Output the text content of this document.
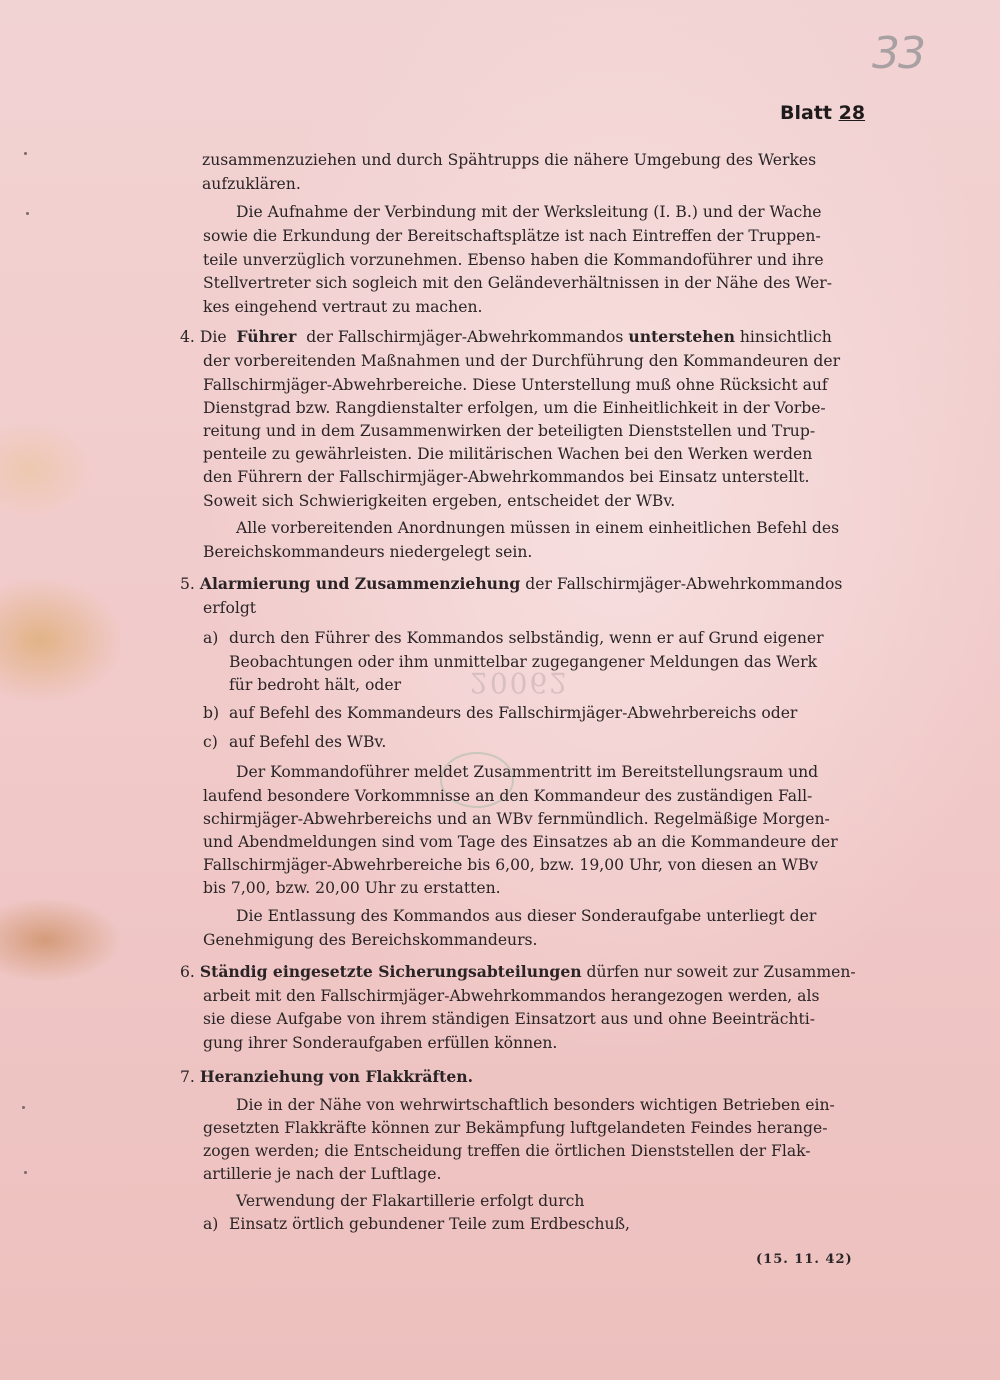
33
Blatt 28
20062
zusammenzuziehen und durch Spähtrupps die nähere Umgebung des Werkes
aufzuklären.
Die Aufnahme der Verbindung mit der Werksleitung (I. B.) und der Wache
sowie die Erkundung der Bereitschaftsplätze ist nach Eintreffen der Truppen-
teile unverzüglich vorzunehmen. Ebenso haben die Kommandoführer und ihre
Stellvertreter sich sogleich mit den Geländeverhältnissen in der Nähe des Wer-
kes eingehend vertraut zu machen.
4. Die Führer der Fallschirmjäger-Abwehrkommandos unterstehen hinsichtlich
der vorbereitenden Maßnahmen und der Durchführung den Kommandeuren der
Fallschirmjäger-Abwehrbereiche. Diese Unterstellung muß ohne Rücksicht auf
Dienstgrad bzw. Rangdienstalter erfolgen, um die Einheitlichkeit in der Vorbe-
reitung und in dem Zusammenwirken der beteiligten Dienststellen und Trup-
penteile zu gewährleisten. Die militärischen Wachen bei den Werken werden
den Führern der Fallschirmjäger-Abwehrkommandos bei Einsatz unterstellt.
Soweit sich Schwierigkeiten ergeben, entscheidet der WBv.
Alle vorbereitenden Anordnungen müssen in einem einheitlichen Befehl des
Bereichskommandeurs niedergelegt sein.
5. Alarmierung und Zusammenziehung der Fallschirmjäger-Abwehrkommandos
erfolgt
a) durch den Führer des Kommandos selbständig, wenn er auf Grund eigener
Beobachtungen oder ihm unmittelbar zugegangener Meldungen das Werk
für bedroht hält, oder
b) auf Befehl des Kommandeurs des Fallschirmjäger-Abwehrbereichs oder
c) auf Befehl des WBv.
Der Kommandoführer meldet Zusammentritt im Bereitstellungsraum und
laufend besondere Vorkommnisse an den Kommandeur des zuständigen Fall-
schirmjäger-Abwehrbereichs und an WBv fernmündlich. Regelmäßige Morgen-
und Abendmeldungen sind vom Tage des Einsatzes ab an die Kommandeure der
Fallschirmjäger-Abwehrbereiche bis 6,00, bzw. 19,00 Uhr, von diesen an WBv
bis 7,00, bzw. 20,00 Uhr zu erstatten.
Die Entlassung des Kommandos aus dieser Sonderaufgabe unterliegt der
Genehmigung des Bereichskommandeurs.
6. Ständig eingesetzte Sicherungsabteilungen dürfen nur soweit zur Zusammen-
arbeit mit den Fallschirmjäger-Abwehrkommandos herangezogen werden, als
sie diese Aufgabe von ihrem ständigen Einsatzort aus und ohne Beeinträchti-
gung ihrer Sonderaufgaben erfüllen können.
7. Heranziehung von Flakkräften.
Die in der Nähe von wehrwirtschaftlich besonders wichtigen Betrieben ein-
gesetzten Flakkräfte können zur Bekämpfung luftgelandeten Feindes herange-
zogen werden; die Entscheidung treffen die örtlichen Dienststellen der Flak-
artillerie je nach der Luftlage.
Verwendung der Flakartillerie erfolgt durch
a) Einsatz örtlich gebundener Teile zum Erdbeschuß,
(15. 11. 42)
